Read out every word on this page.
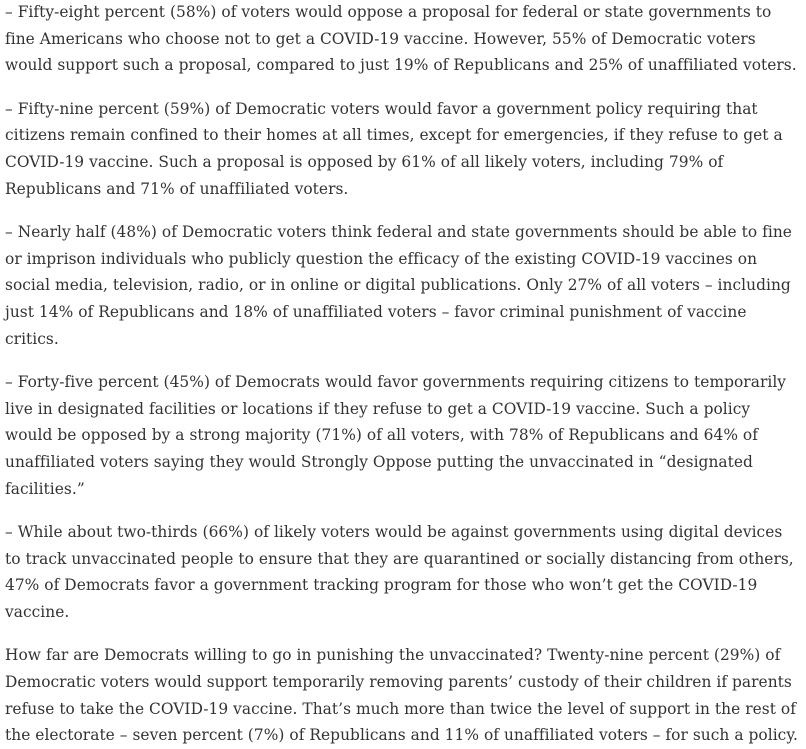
– Fifty-eight percent (58%) of voters would oppose a proposal for federal or state governments to fine Americans who choose not to get a COVID-19 vaccine. However, 55% of Democratic voters would support such a proposal, compared to just 19% of Republicans and 25% of unaffiliated voters.

– Fifty-nine percent (59%) of Democratic voters would favor a government policy requiring that citizens remain confined to their homes at all times, except for emergencies, if they refuse to get a COVID-19 vaccine. Such a proposal is opposed by 61% of all likely voters, including 79% of Republicans and 71% of unaffiliated voters.

– Nearly half (48%) of Democratic voters think federal and state governments should be able to fine or imprison individuals who publicly question the efficacy of the existing COVID-19 vaccines on social media, television, radio, or in online or digital publications. Only 27% of all voters – including just 14% of Republicans and 18% of unaffiliated voters – favor criminal punishment of vaccine critics.

– Forty-five percent (45%) of Democrats would favor governments requiring citizens to temporarily live in designated facilities or locations if they refuse to get a COVID-19 vaccine. Such a policy would be opposed by a strong majority (71%) of all voters, with 78% of Republicans and 64% of unaffiliated voters saying they would Strongly Oppose putting the unvaccinated in “designated facilities.”

– While about two-thirds (66%) of likely voters would be against governments using digital devices to track unvaccinated people to ensure that they are quarantined or socially distancing from others, 47% of Democrats favor a government tracking program for those who won’t get the COVID-19 vaccine.

How far are Democrats willing to go in punishing the unvaccinated? Twenty-nine percent (29%) of Democratic voters would support temporarily removing parents’ custody of their children if parents refuse to take the COVID-19 vaccine. That’s much more than twice the level of support in the rest of the electorate – seven percent (7%) of Republicans and 11% of unaffiliated voters – for such a policy.
